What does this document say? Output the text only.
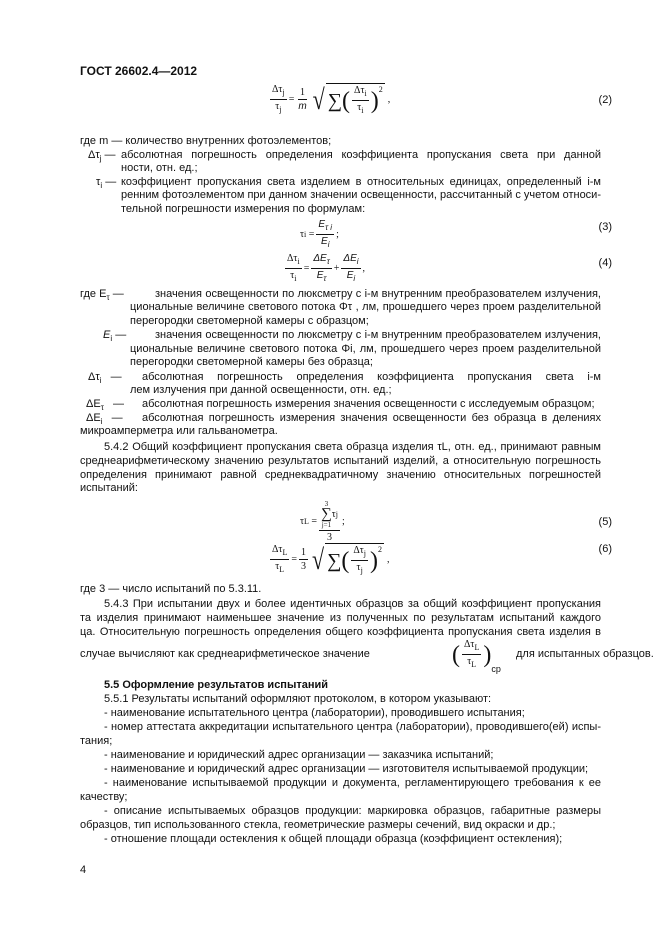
ГОСТ 26602.4—2012
$\frac{\Delta\tau_j}{\tau_j} = \frac{1}{m}$ √ ∑ ( $\frac{\Delta\tau_i}{\tau_i} )^2$
,	(2)
где m — количество внутренних фотоэлементов;
$\Delta\tau_j$ — абсолютная погрешность определения коэффициента пропускания света при данной
ности, отн. ед.;
$\tau_i$ — коэффициент пропускания света изделием в относительных единицах, определенный i-м
ренним фотоэлементом при данном значении освещенности, рассчитанный с учетом относи-
тельной погрешности измерения по формулам:
τ i
= $\frac{E_{\tau i}}{E_i}$ ;
(3)
$\frac{\Delta\tau_i}{\tau_i} = \frac{\Delta E_\tau}{E_\tau} + \frac{\Delta E_i}{E_i}$ ,	(4)
где $E_\tau$ —	значения освещенности по люксметру с i-м внутренним преобразователем излучения,
циональные величине светового потока Φτ , лм, прошедшего через проем разделительной
перегородки светомерной камеры с образцом;
$E_i$ —	значения освещенности по люксметру с i-м внутренним преобразователем излучения,
циональные величине светового потока Φi, лм, прошедшего через проем разделительной
перегородки светомерной камеры без образца;
$\Delta\tau_i$ — абсолютная погрешность определения коэффициента пропускания света i-м
лем излучения при данной освещенности, отн. ед.;
$\Delta E_\tau$ — абсолютная погрешность измерения значения освещенности с исследуемым образцом;
$\Delta E_i$ — абсолютная погрешность измерения значения освещенности без образца в делениях
микроамперметра или гальванометра.
5.4.2 Общий коэффициент пропускания света образца изделия τL, отн. ед., принимают равным
среднеарифметическому значению результатов испытаний изделий, а относительную погрешность
определения принимают равной среднеквадратичному значению относительных погрешностей
испытаний:
τ L
= 3
∑
j=1
τ j
3 ;	(5)
$\frac{\Delta\tau_L}{\tau_L} = \frac{1}{3}$ √ ∑ ( $\frac{\Delta\tau_j}{\tau_j} )^2$
,
(6)
где 3 — число испытаний по 5.3.11.
5.4.3 При испытании двух и более идентичных образцов за общий коэффициент пропускания
та изделия принимают наименьшее значение из полученных по результатам испытаний каждого
ца. Относительную погрешность определения общего коэффициента пропускания света изделия в
случае вычисляют как среднеарифметическое значение	( $\frac{\Delta\tau_L}{\tau_L}$ )
ср
для испытанных образцов.
5.5 Оформление результатов испытаний
5.5.1 Результаты испытаний оформляют протоколом, в котором указывают:
- наименование испытательного центра (лаборатории), проводившего испытания;
- номер аттестата аккредитации испытательного центра (лаборатории), проводившего(ей) испы-
тания;
- наименование и юридический адрес организации — заказчика испытаний;
- наименование и юридический адрес организации — изготовителя испытываемой продукции;
- наименование испытываемой продукции и документа, регламентирующего требования к ее
качеству;
- описание испытываемых образцов продукции: маркировка образцов, габаритные размеры
образцов, тип использованного стекла, геометрические размеры сечений, вид окраски и др.;
- отношение площади остекления к общей площади образца (коэффициент остекления);
4
